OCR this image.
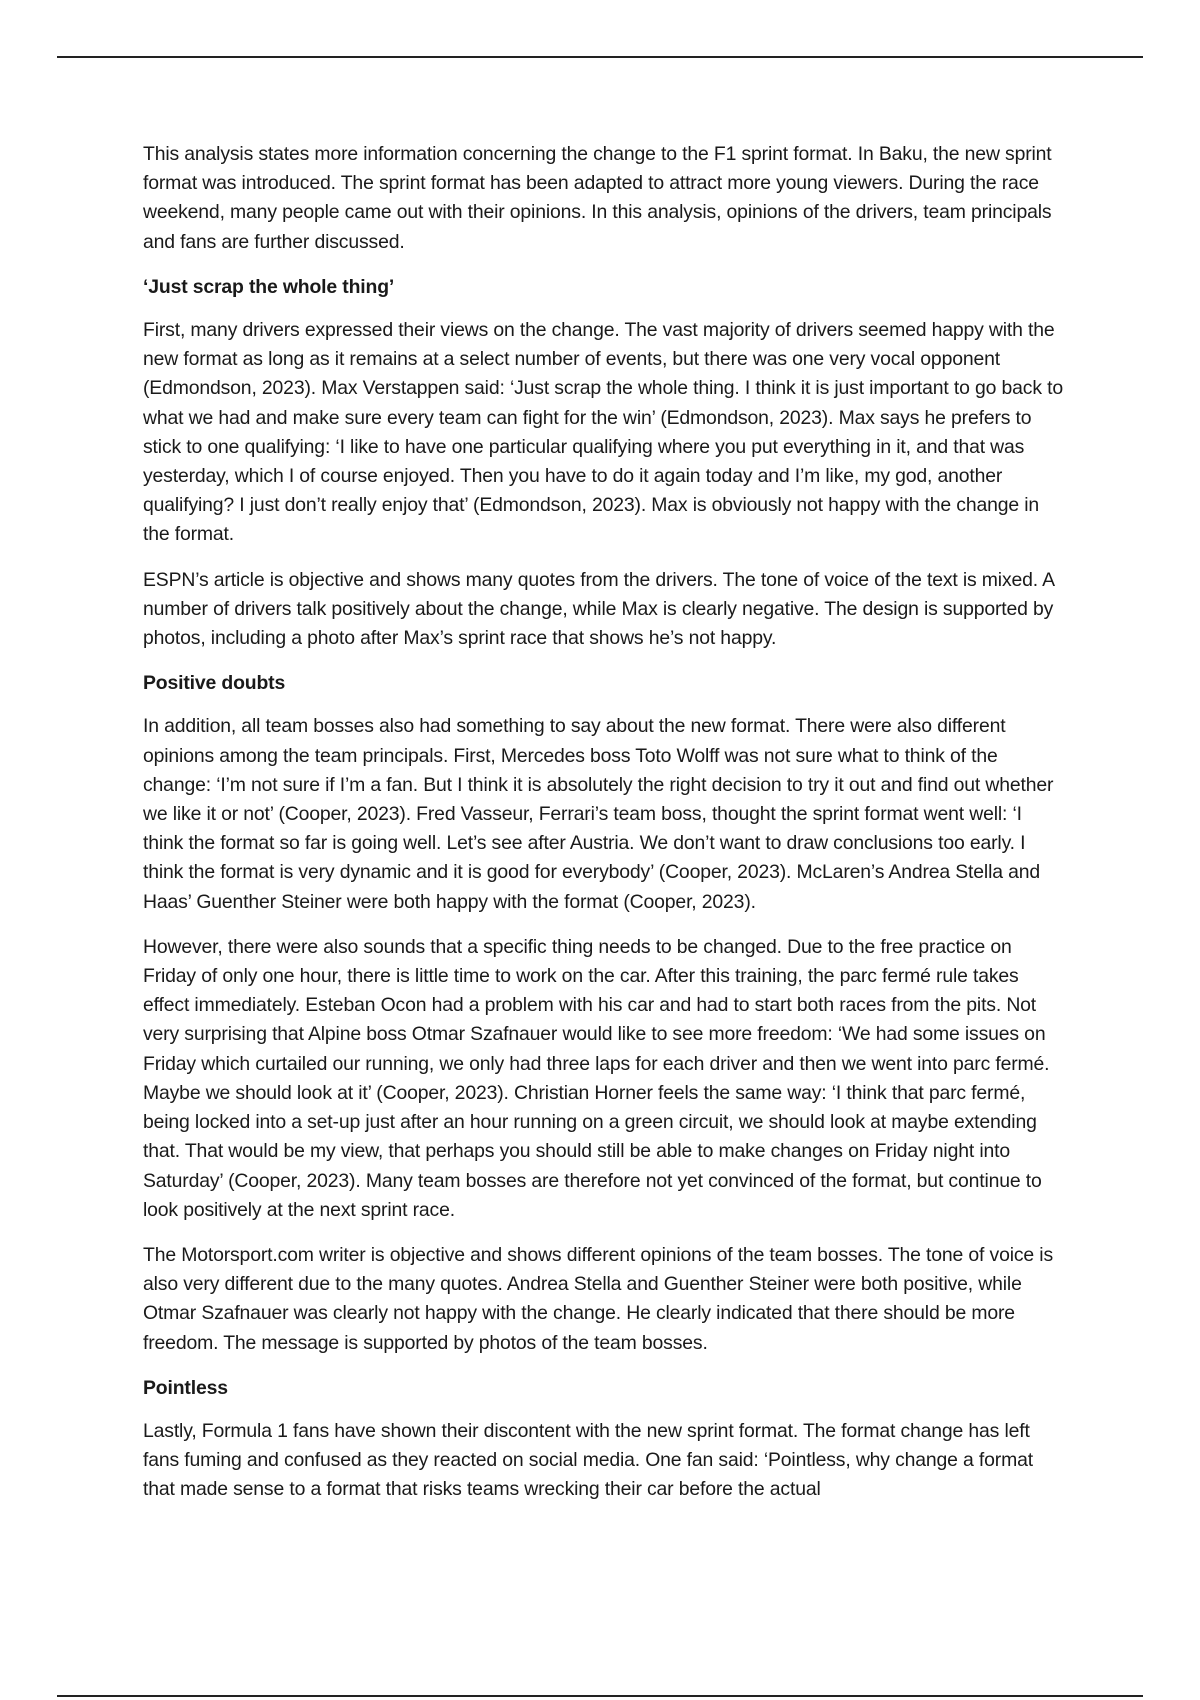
This analysis states more information concerning the change to the F1 sprint format. In Baku, the new sprint format was introduced. The sprint format has been adapted to attract more young viewers. During the race weekend, many people came out with their opinions. In this analysis, opinions of the drivers, team principals and fans are further discussed.

‘Just scrap the whole thing’

First, many drivers expressed their views on the change. The vast majority of drivers seemed happy with the new format as long as it remains at a select number of events, but there was one very vocal opponent (Edmondson, 2023). Max Verstappen said: ‘Just scrap the whole thing. I think it is just important to go back to what we had and make sure every team can fight for the win’ (Edmondson, 2023). Max says he prefers to stick to one qualifying: ‘I like to have one particular qualifying where you put everything in it, and that was yesterday, which I of course enjoyed. Then you have to do it again today and I’m like, my god, another qualifying? I just don’t really enjoy that’ (Edmondson, 2023). Max is obviously not happy with the change in the format.

ESPN’s article is objective and shows many quotes from the drivers. The tone of voice of the text is mixed. A number of drivers talk positively about the change, while Max is clearly negative. The design is supported by photos, including a photo after Max’s sprint race that shows he’s not happy.

Positive doubts

In addition, all team bosses also had something to say about the new format. There were also different opinions among the team principals. First, Mercedes boss Toto Wolff was not sure what to think of the change: ‘I’m not sure if I’m a fan. But I think it is absolutely the right decision to try it out and find out whether we like it or not’ (Cooper, 2023). Fred Vasseur, Ferrari’s team boss, thought the sprint format went well: ‘I think the format so far is going well. Let’s see after Austria. We don’t want to draw conclusions too early. I think the format is very dynamic and it is good for everybody’ (Cooper, 2023). McLaren’s Andrea Stella and Haas’ Guenther Steiner were both happy with the format (Cooper, 2023).

However, there were also sounds that a specific thing needs to be changed. Due to the free practice on Friday of only one hour, there is little time to work on the car. After this training, the parc fermé rule takes effect immediately. Esteban Ocon had a problem with his car and had to start both races from the pits. Not very surprising that Alpine boss Otmar Szafnauer would like to see more freedom: ‘We had some issues on Friday which curtailed our running, we only had three laps for each driver and then we went into parc fermé. Maybe we should look at it’ (Cooper, 2023). Christian Horner feels the same way: ‘I think that parc fermé, being locked into a set-up just after an hour running on a green circuit, we should look at maybe extending that. That would be my view, that perhaps you should still be able to make changes on Friday night into Saturday’ (Cooper, 2023). Many team bosses are therefore not yet convinced of the format, but continue to look positively at the next sprint race.

The Motorsport.com writer is objective and shows different opinions of the team bosses. The tone of voice is also very different due to the many quotes. Andrea Stella and Guenther Steiner were both positive, while Otmar Szafnauer was clearly not happy with the change. He clearly indicated that there should be more freedom. The message is supported by photos of the team bosses.

Pointless

Lastly, Formula 1 fans have shown their discontent with the new sprint format. The format change has left fans fuming and confused as they reacted on social media. One fan said: ‘Pointless, why change a format that made sense to a format that risks teams wrecking their car before the actual
